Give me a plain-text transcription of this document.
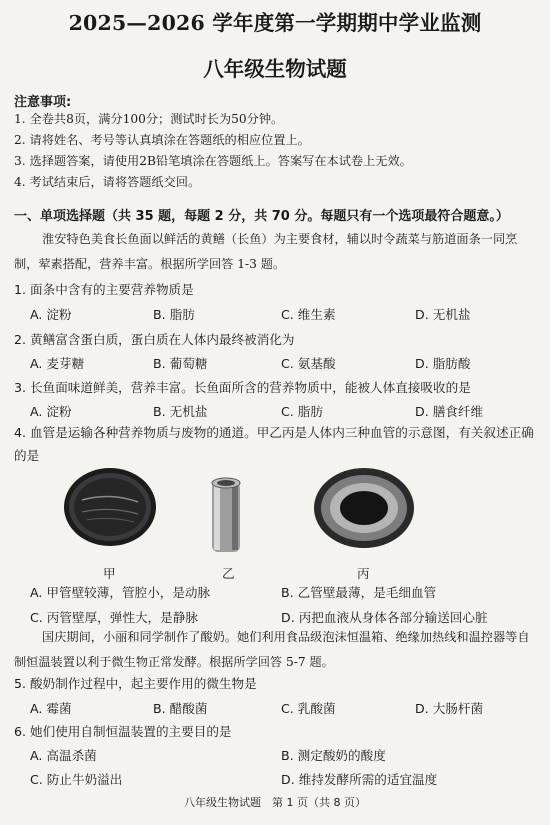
2025—2026 学年度第一学期期中学业监测
八年级生物试题
注意事项:
1. 全卷共8页，满分100分；测试时长为50分钟。
2. 请将姓名、考号等认真填涂在答题纸的相应位置上。
3. 选择题答案，请使用2B铅笔填涂在答题纸上。答案写在本试卷上无效。
4. 考试结束后，请将答题纸交回。
一、单项选择题（共 35 题，每题 2 分，共 70 分。每题只有一个选项最符合题意。）
淮安特色美食长鱼面以鲜活的黄鳝（长鱼）为主要食材，辅以时令蔬菜与筋道面条一同烹制，荤素搭配，营养丰富。根据所学回答 1-3 题。
1. 面条中含有的主要营养物质是
A. 淀粉	B. 脂肪	C. 维生素	D. 无机盐
2. 黄鳝富含蛋白质，蛋白质在人体内最终被消化为
A. 麦芽糖	B. 葡萄糖	C. 氨基酸	D. 脂肪酸
3. 长鱼面味道鲜美，营养丰富。长鱼面所含的营养物质中，能被人体直接吸收的是
A. 淀粉	B. 无机盐	C. 脂肪	D. 膳食纤维
4. 血管是运输各种营养物质与废物的通道。甲乙丙是人体内三种血管的示意图，有关叙述正确的是
甲	乙	丙
A. 甲管壁较薄，管腔小，是动脉	B. 乙管壁最薄，是毛细血管
C. 丙管壁厚，弹性大，是静脉	D. 丙把血液从身体各部分输送回心脏
国庆期间，小丽和同学制作了酸奶。她们利用食品级泡沫恒温箱、绝缘加热线和温控器等自制恒温装置以利于微生物正常发酵。根据所学回答 5-7 题。
5. 酸奶制作过程中，起主要作用的微生物是
A. 霉菌	B. 醋酸菌	C. 乳酸菌	D. 大肠杆菌
6. 她们使用自制恒温装置的主要目的是
A. 高温杀菌	B. 测定酸奶的酸度
C. 防止牛奶溢出	D. 维持发酵所需的适宜温度
八年级生物试题　第 1 页（共 8 页）
